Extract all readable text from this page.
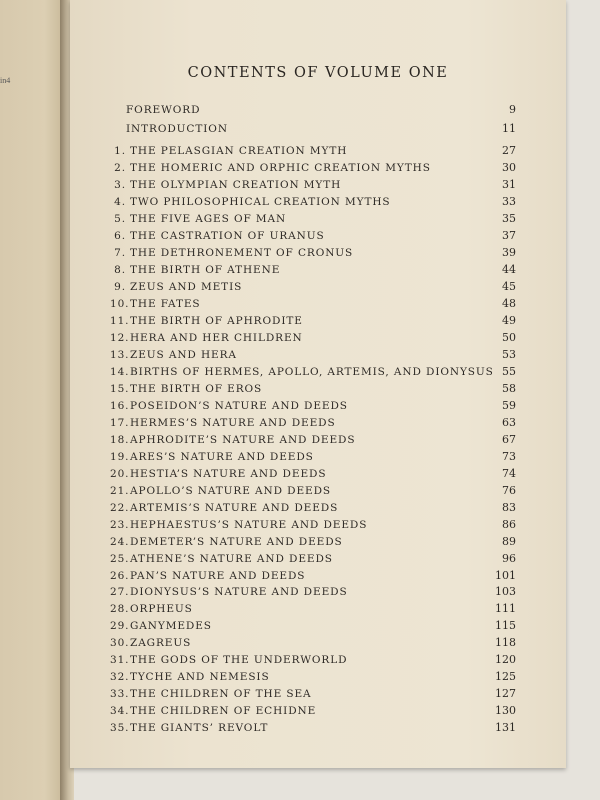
in4	CONTENTS OF VOLUME ONE
FOREWORD	9
INTRODUCTION	11
1. THE PELASGIAN CREATION MYTH	27
2. THE HOMERIC AND ORPHIC CREATION MYTHS	30
3. THE OLYMPIAN CREATION MYTH	31
4. TWO PHILOSOPHICAL CREATION MYTHS	33
5. THE FIVE AGES OF MAN	35
6. THE CASTRATION OF URANUS	37
7. THE DETHRONEMENT OF CRONUS	39
8. THE BIRTH OF ATHENE	44
9. ZEUS AND METIS	45
10.THE FATES	48
11.THE BIRTH OF APHRODITE	49
12.HERA AND HER CHILDREN	50
13.ZEUS AND HERA	53
14.BIRTHS OF HERMES, APOLLO, ARTEMIS, AND DIONYSUS 55
15.THE BIRTH OF EROS	58
16.POSEIDON’S NATURE AND DEEDS	59
17.HERMES’S NATURE AND DEEDS	63
18.APHRODITE’S NATURE AND DEEDS	67
19.ARES’S NATURE AND DEEDS	73
20.HESTIA’S NATURE AND DEEDS	74
21.APOLLO’S NATURE AND DEEDS	76
22.ARTEMIS’S NATURE AND DEEDS	83
23.HEPHAESTUS’S NATURE AND DEEDS	86
24.DEMETER’S NATURE AND DEEDS	89
25.ATHENE’S NATURE AND DEEDS	96
26.PAN’S NATURE AND DEEDS	101
27.DIONYSUS’S NATURE AND DEEDS	103
28.ORPHEUS	111
29.GANYMEDES	115
30.ZAGREUS	118
31.THE GODS OF THE UNDERWORLD	120
32.TYCHE AND NEMESIS	125
33.THE CHILDREN OF THE SEA	127
34.THE CHILDREN OF ECHIDNE	130
35.THE GIANTS’ REVOLT	131
